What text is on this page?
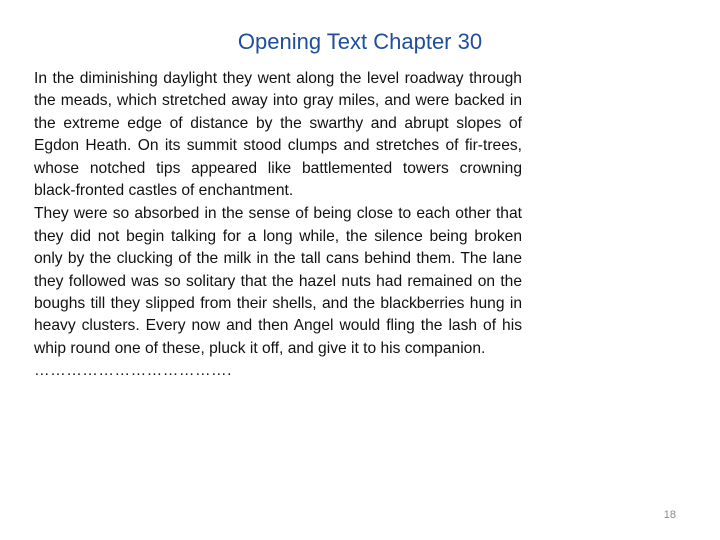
Opening Text Chapter 30

In the diminishing daylight they went along the level roadway through the meads, which stretched away into gray miles, and were backed in the extreme edge of distance by the swarthy and abrupt slopes of Egdon Heath. On its summit stood clumps and stretches of fir-trees, whose notched tips appeared like battlemented towers crowning black-fronted castles of enchantment.

They were so absorbed in the sense of being close to each other that they did not begin talking for a long while, the silence being broken only by the clucking of the milk in the tall cans behind them. The lane they followed was so solitary that the hazel nuts had remained on the boughs till they slipped from their shells, and the blackberries hung in heavy clusters. Every now and then Angel would fling the lash of his whip round one of these, pluck it off, and give it to his companion.

……………………………….

18
